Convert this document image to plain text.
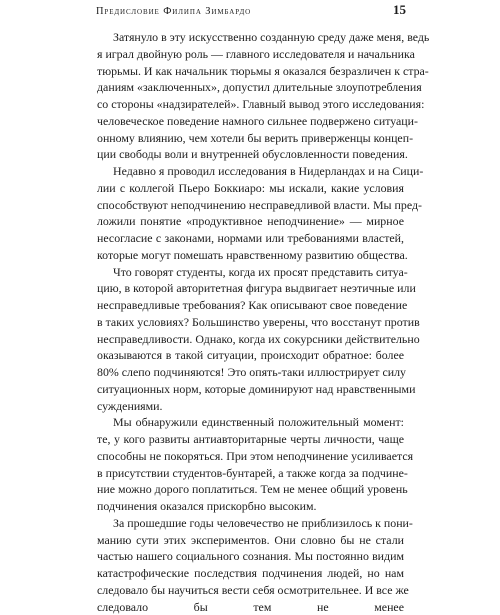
Предисловие Филипа Зимбардо	15
Затянуло в эту искусственно созданную среду даже меня, ведь
я играл двойную роль — главного исследователя и начальника
тюрьмы. И как начальник тюрьмы я оказался безразличен к стра-
даниям «заключенных», допустил длительные злоупотребления
со стороны «надзирателей». Главный вывод этого исследования:
человеческое поведение намного сильнее подвержено ситуаци-
онному влиянию, чем хотели бы верить приверженцы концеп-
ции свободы воли и внутренней обусловленности поведения.
Недавно я проводил исследования в Нидерландах и на Сици-
лии с коллегой Пьеро Боккиаро: мы искали, какие условия
способствуют неподчинению несправедливой власти. Мы пред-
ложили понятие «продуктивное неподчинение» — мирное
несогласие с законами, нормами или требованиями властей,
которые могут помешать нравственному развитию общества.
Что говорят студенты, когда их просят представить ситуа-
цию, в которой авторитетная фигура выдвигает неэтичные или
несправедливые требования? Как описывают свое поведение
в таких условиях? Большинство уверены, что восстанут против
несправедливости. Однако, когда их сокурсники действительно
оказываются в такой ситуации, происходит обратное: более
80% слепо подчиняются! Это опять-таки иллюстрирует силу
ситуационных норм, которые доминируют над нравственными
суждениями.
Мы обнаружили единственный положительный момент:
те, у кого развиты антиавторитарные черты личности, чаще
способны не покоряться. При этом неподчинение усиливается
в присутствии студентов-бунтарей, а также когда за подчине-
ние можно дорого поплатиться. Тем не менее общий уровень
подчинения оказался прискорбно высоким.
За прошедшие годы человечество не приблизилось к пони-
манию сути этих экспериментов. Они словно бы не стали
частью нашего социального сознания. Мы постоянно видим
катастрофические последствия подчинения людей, но нам
следовало бы научиться вести себя осмотрительнее. И все же
следовало бы тем не менее
